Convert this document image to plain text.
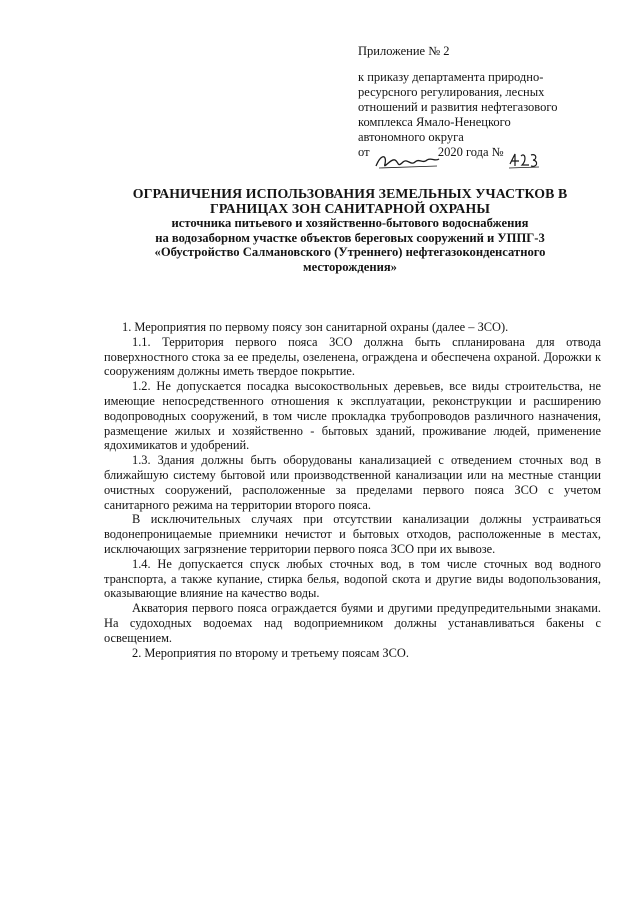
Приложение № 2
к приказу департамента природно-
ресурсного регулирования, лесных
отношений и развития нефтегазового
комплекса Ямало-Ненецкого
автономного округа
от	2020 года №
ОГРАНИЧЕНИЯ ИСПОЛЬЗОВАНИЯ ЗЕМЕЛЬНЫХ УЧАСТКОВ В
ГРАНИЦАХ ЗОН САНИТАРНОЙ ОХРАНЫ
источника питьевого и хозяйственно-бытового водоснабжения
на водозаборном участке объектов береговых сооружений и УППГ-3
«Обустройство Салмановского (Утреннего) нефтегазоконденсатного
месторождения»

1. Мероприятия по первому поясу зон санитарной охраны (далее – ЗСО).

1.1. Территория первого пояса ЗСО должна быть спланирована для отвода поверхностного стока за ее пределы, озеленена, ограждена и обеспечена охраной. Дорожки к сооружениям должны иметь твердое покрытие.

1.2. Не допускается посадка высокоствольных деревьев, все виды строительства, не имеющие непосредственного отношения к эксплуатации, реконструкции и расширению водопроводных сооружений, в том числе прокладка трубопроводов различного назначения, размещение жилых и хозяйственно - бытовых зданий, проживание людей, применение ядохимикатов и удобрений.

1.3. Здания должны быть оборудованы канализацией с отведением сточных вод в ближайшую систему бытовой или производственной канализации или на местные станции очистных сооружений, расположенные за пределами первого пояса ЗСО с учетом санитарного режима на территории второго пояса.

В исключительных случаях при отсутствии канализации должны устраиваться водонепроницаемые приемники нечистот и бытовых отходов, расположенные в местах, исключающих загрязнение территории первого пояса ЗСО при их вывозе.

1.4. Не допускается спуск любых сточных вод, в том числе сточных вод водного транспорта, а также купание, стирка белья, водопой скота и другие виды водопользования, оказывающие влияние на качество воды.

Акватория первого пояса ограждается буями и другими предупредительными знаками. На судоходных водоемах над водоприемником должны устанавливаться бакены с освещением.

2. Мероприятия по второму и третьему поясам ЗСО.
